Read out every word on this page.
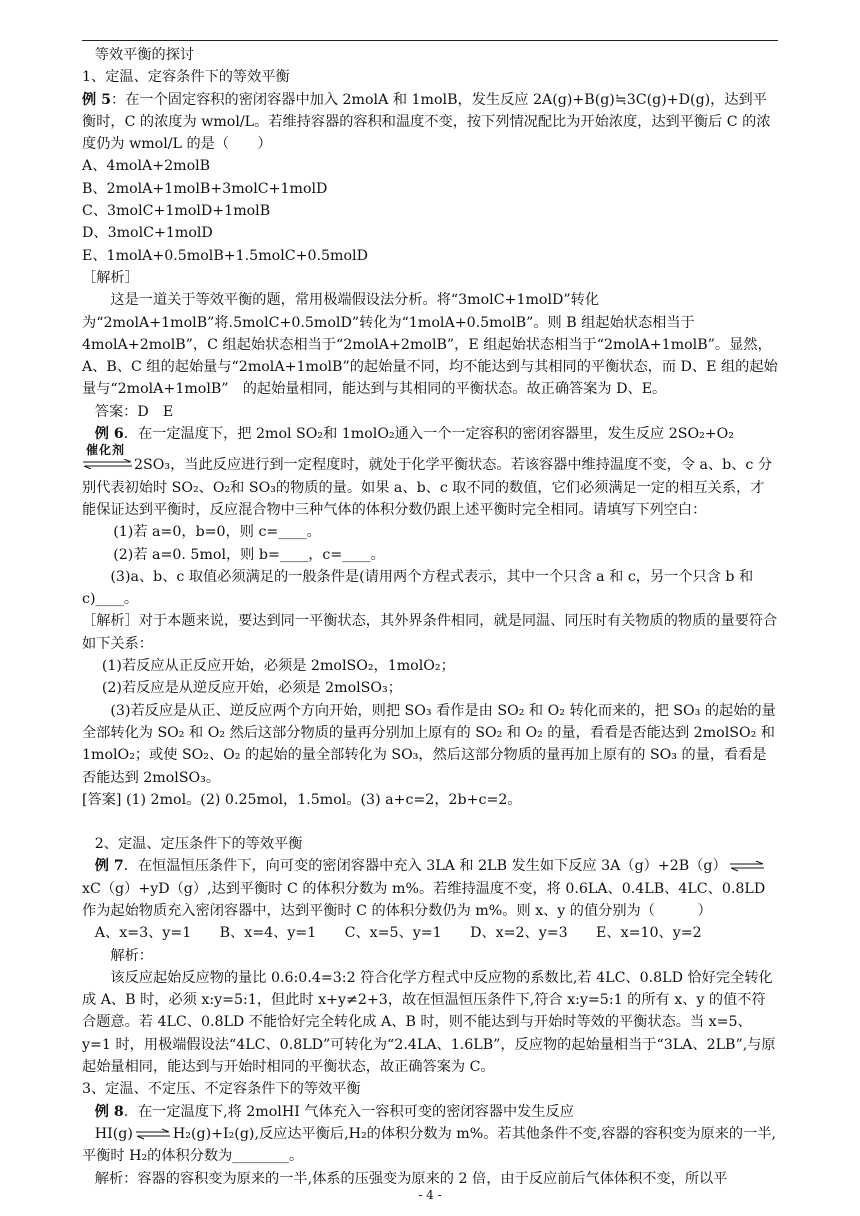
等效平衡的探讨

1、定温、定容条件下的等效平衡

例 5：在一个固定容积的密闭容器中加入 2molA 和 1molB，发生反应 2A(g)+B(g)≒3C(g)+D(g)，达到平衡时，C 的浓度为 wmol/L。若维持容器的容积和温度不变，按下列情况配比为开始浓度，达到平衡后 C 的浓度仍为 wmol/L 的是（　　）

A、4molA+2molB

B、2molA+1molB+3molC+1molD

C、3molC+1molD+1molB

D、3molC+1molD

E、1molA+0.5molB+1.5molC+0.5molD

［解析］

这是一道关于等效平衡的题，常用极端假设法分析。将“3molC+1molD”转化为“2molA+1molB”将.5molC+0.5molD”转化为“1molA+0.5molB”。则 B 组起始状态相当于 4molA+2molB”，C 组起始状态相当于“2molA+2molB”，E 组起始状态相当于“2molA+1molB”。显然，A、B、C 组的起始量与“2molA+1molB”的起始量不同，均不能达到与其相同的平衡状态，而 D、E 组的起始量与“2molA+1molB”　的起始量相同，能达到与其相同的平衡状态。故正确答案为 D、E。

答案：D　E

例 6．在一定温度下，把 2mol SO₂和 1molO₂通入一个一定容积的密闭容器里，发生反应 2SO₂+O₂

催化剂
2SO₃，当此反应进行到一定程度时，就处于化学平衡状态。若该容器中维持温度不变，令 a、b、c 分别代表初始时 SO₂、O₂和 SO₃的物质的量。如果 a、b、c 取不同的数值，它们必须满足一定的相互关系，才能保证达到平衡时，反应混合物中三种气体的体积分数仍跟上述平衡时完全相同。请填写下列空白：

(1)若 a=0，b=0，则 c=____。

(2)若 a=0. 5mol，则 b=____，c=____。

(3)a、b、c 取值必须满足的一般条件是(请用两个方程式表示，其中一个只含 a 和 c，另一个只含 b 和 c)____。

［解析］对于本题来说，要达到同一平衡状态，其外界条件相同，就是同温、同压时有关物质的物质的量要符合如下关系：

(1)若反应从正反应开始，必须是 2molSO₂，1molO₂；

(2)若反应是从逆反应开始，必须是 2molSO₃；

(3)若反应是从正、逆反应两个方向开始，则把 SO₃ 看作是由 SO₂ 和 O₂ 转化而来的，把 SO₃ 的起始的量全部转化为 SO₂ 和 O₂ 然后这部分物质的量再分别加上原有的 SO₂ 和 O₂ 的量，看看是否能达到 2molSO₂ 和 1molO₂；或使 SO₂、O₂ 的起始的量全部转化为 SO₃，然后这部分物质的量再加上原有的 SO₃ 的量，看看是否能达到 2molSO₃。

[答案] (1) 2mol。(2) 0.25mol，1.5mol。(3) a+c=2，2b+c=2。

2、定温、定压条件下的等效平衡

例 7．在恒温恒压条件下，向可变的密闭容器中充入 3LA 和 2LB 发生如下反应 3A（g）+2B（g） ⇌xC（g）+yD（g）,达到平衡时 C 的体积分数为 m%。若维持温度不变，将 0.6LA、0.4LB、4LC、0.8LD 作为起始物质充入密闭容器中，达到平衡时 C 的体积分数仍为 m%。则 x、y 的值分别为（　　　）

A、x=3、y=1　　B、x=4、y=1　　C、x=5、y=1　　D、x=2、y=3　　E、x=10、y=2

解析：

该反应起始反应物的量比 0.6:0.4=3:2 符合化学方程式中反应物的系数比,若 4LC、0.8LD 恰好完全转化成 A、B 时，必须 x:y=5:1，但此时 x+y≠2+3，故在恒温恒压条件下,符合 x:y=5:1 的所有 x、y 的值不符合题意。若 4LC、0.8LD 不能恰好完全转化成 A、B 时，则不能达到与开始时等效的平衡状态。当 x=5、y=1 时，用极端假设法“4LC、0.8LD”可转化为“2.4LA、1.6LB”，反应物的起始量相当于“3LA、2LB”,与原起始量相同，能达到与开始时相同的平衡状态，故正确答案为 C。

3、定温、不定压、不定容条件下的等效平衡

例 8．在一定温度下,将 2molHI 气体充入一容积可变的密闭容器中发生反应

HI(g) ⇌ H₂(g)+I₂(g),反应达平衡后,H₂的体积分数为 m%。若其他条件不变,容器的容积变为原来的一半,平衡时 H₂的体积分数为________。

解析：容器的容积变为原来的一半,体系的压强变为原来的 2 倍，由于反应前后气体体积不变，所以平

- 4 -
